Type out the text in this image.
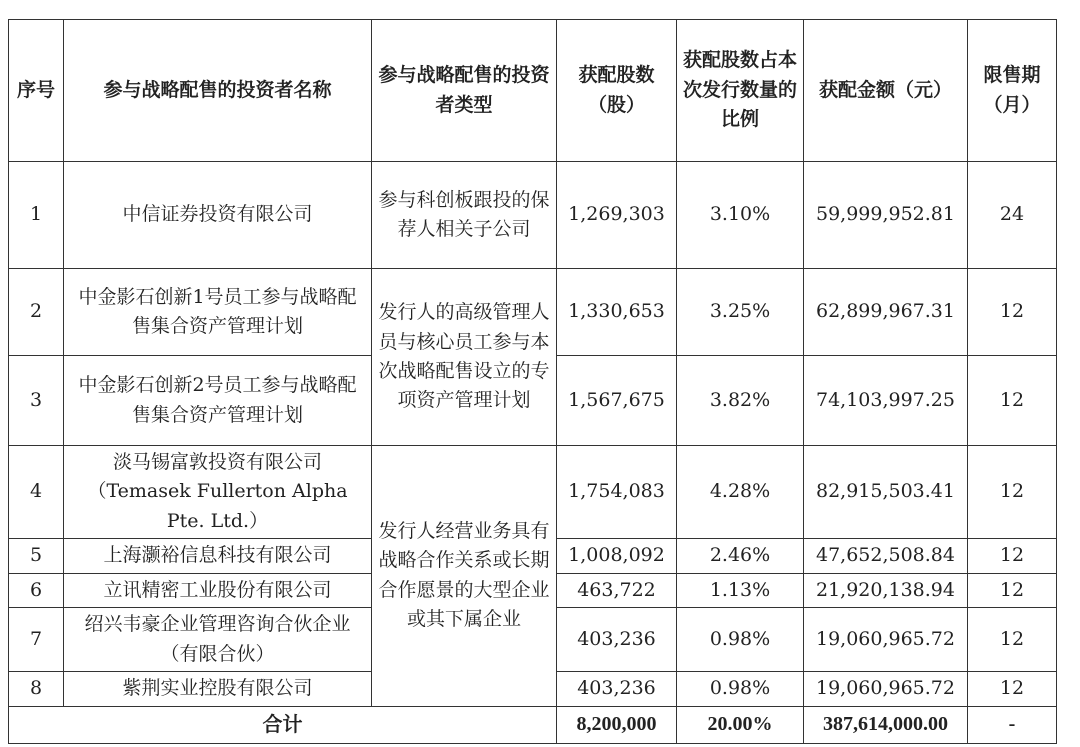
序号	参与战略配售的投资者名称	参与战略配售的投资者类型	获配股数（股）	获配股数占本次发行数量的比例	获配金额（元）	限售期（月）
1	中信证券投资有限公司	参与科创板跟投的保荐人相关子公司	1,269,303	3.10%	59,999,952.81	24
2	中金影石创新1号员工参与战略配售集合资产管理计划	发行人的高级管理人员与核心员工参与本次战略配售设立的专项资产管理计划	1,330,653	3.25%	62,899,967.31	12
3	中金影石创新2号员工参与战略配售集合资产管理计划		1,567,675	3.82%	74,103,997.25	12
4	淡马锡富敦投资有限公司（Temasek Fullerton Alpha Pte. Ltd.）	发行人经营业务具有战略合作关系或长期合作愿景的大型企业或其下属企业	1,754,083	4.28%	82,915,503.41	12
5	上海灏裕信息科技有限公司		1,008,092	2.46%	47,652,508.84	12
6	立讯精密工业股份有限公司		463,722	1.13%	21,920,138.94	12
7	绍兴韦豪企业管理咨询合伙企业（有限合伙）		403,236	0.98%	19,060,965.72	12
8	紫荆实业控股有限公司		403,236	0.98%	19,060,965.72	12
合计			8,200,000	20.00%	387,614,000.00	-
